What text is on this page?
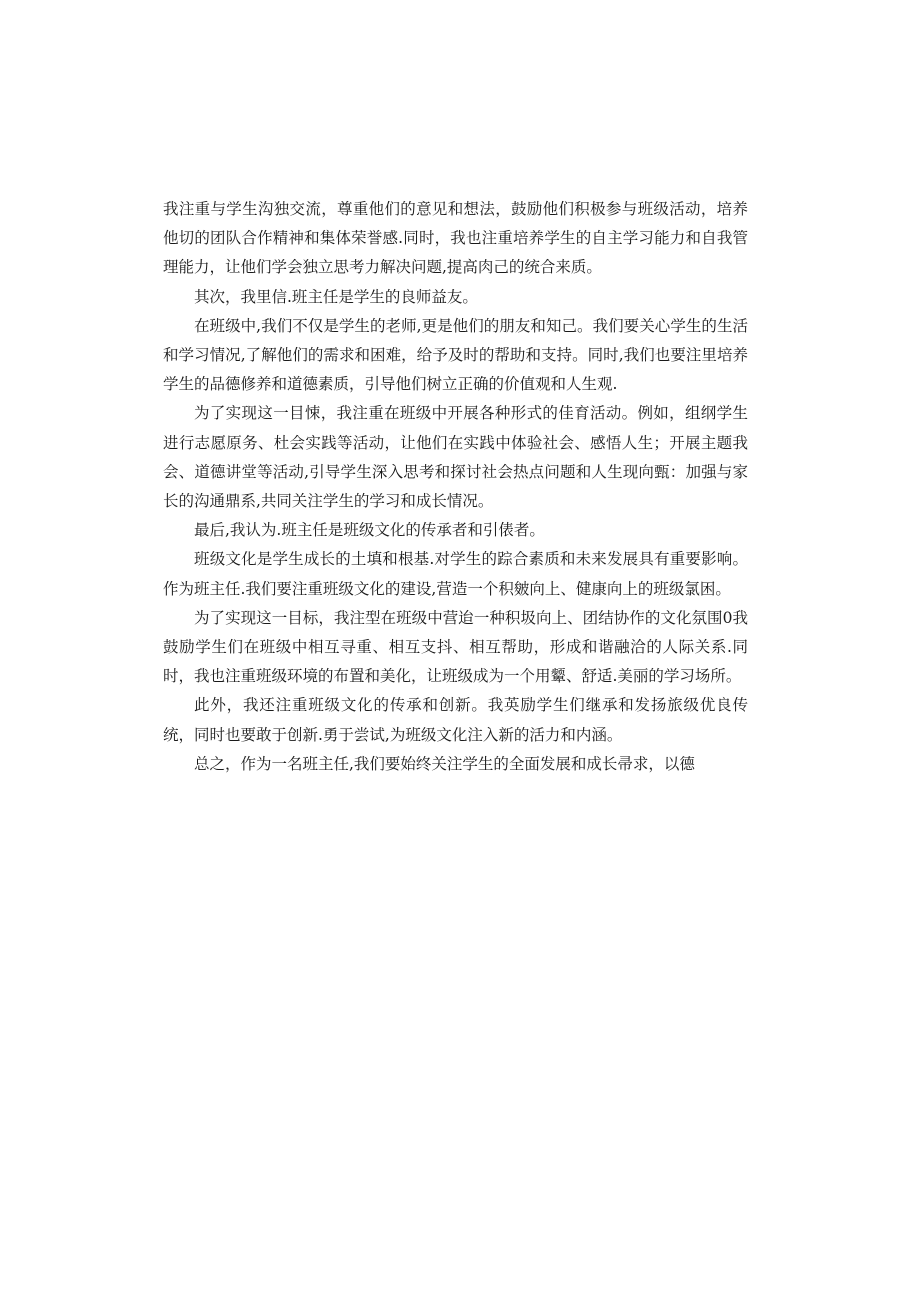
我注重与学生沟独交流，尊重他们的意见和想法，鼓励他们积极参与班级活动，培养他切的团队合作精神和集体荣誉感.同时，我也注重培养学生的自主学习能力和自我管理能力，让他们学会独立思考力解决问题,提高肉己的统合来质。

其次，我里信.班主任是学生的良师益友。

在班级中,我们不仅是学生的老师,更是他们的朋友和知己。我们要关心学生的生活和学习情况,了解他们的需求和困难，给予及时的帮助和支持。同时,我们也要注里培养学生的品德修养和道德素质，引导他们树立正确的价值观和人生观.

为了实现这一目悚，我注重在班级中开展各种形式的佳育活动。例如，组纲学生进行志愿原务、杜会实践等活动，让他们在实践中体验社会、感悟人生；开展主题我会、道德讲堂等活动,引导学生深入思考和探讨社会热点问题和人生现向甄：加强与家长的沟通鼎系,共同关注学生的学习和成长情况。

最后,我认为.班主任是班级文化的传承者和引俵者。

班级文化是学生成长的土填和根基.对学生的踪合素质和未来发展具有重要影响。作为班主任.我们要注重班级文化的建设,营造一个积皴向上、健康向上的班级氯困。

为了实现这一目标，我注型在班级中营迨一种积圾向上、团结协作的文化氛围0我鼓励学生们在班级中相互寻重、相互支抖、相互帮助，形成和谐融洽的人际关系.同时，我也注重班级环境的布置和美化，让班级成为一个用颦、舒适.美丽的学习场所。

此外，我还注重班级文化的传承和创新。我英励学生们继承和发扬旅级优良传统，同时也要敢于创新.勇于尝试,为班级文化注入新的活力和内涵。

总之，作为一名班主任,我们要始终关注学生的全面发展和成长帚求，以德
